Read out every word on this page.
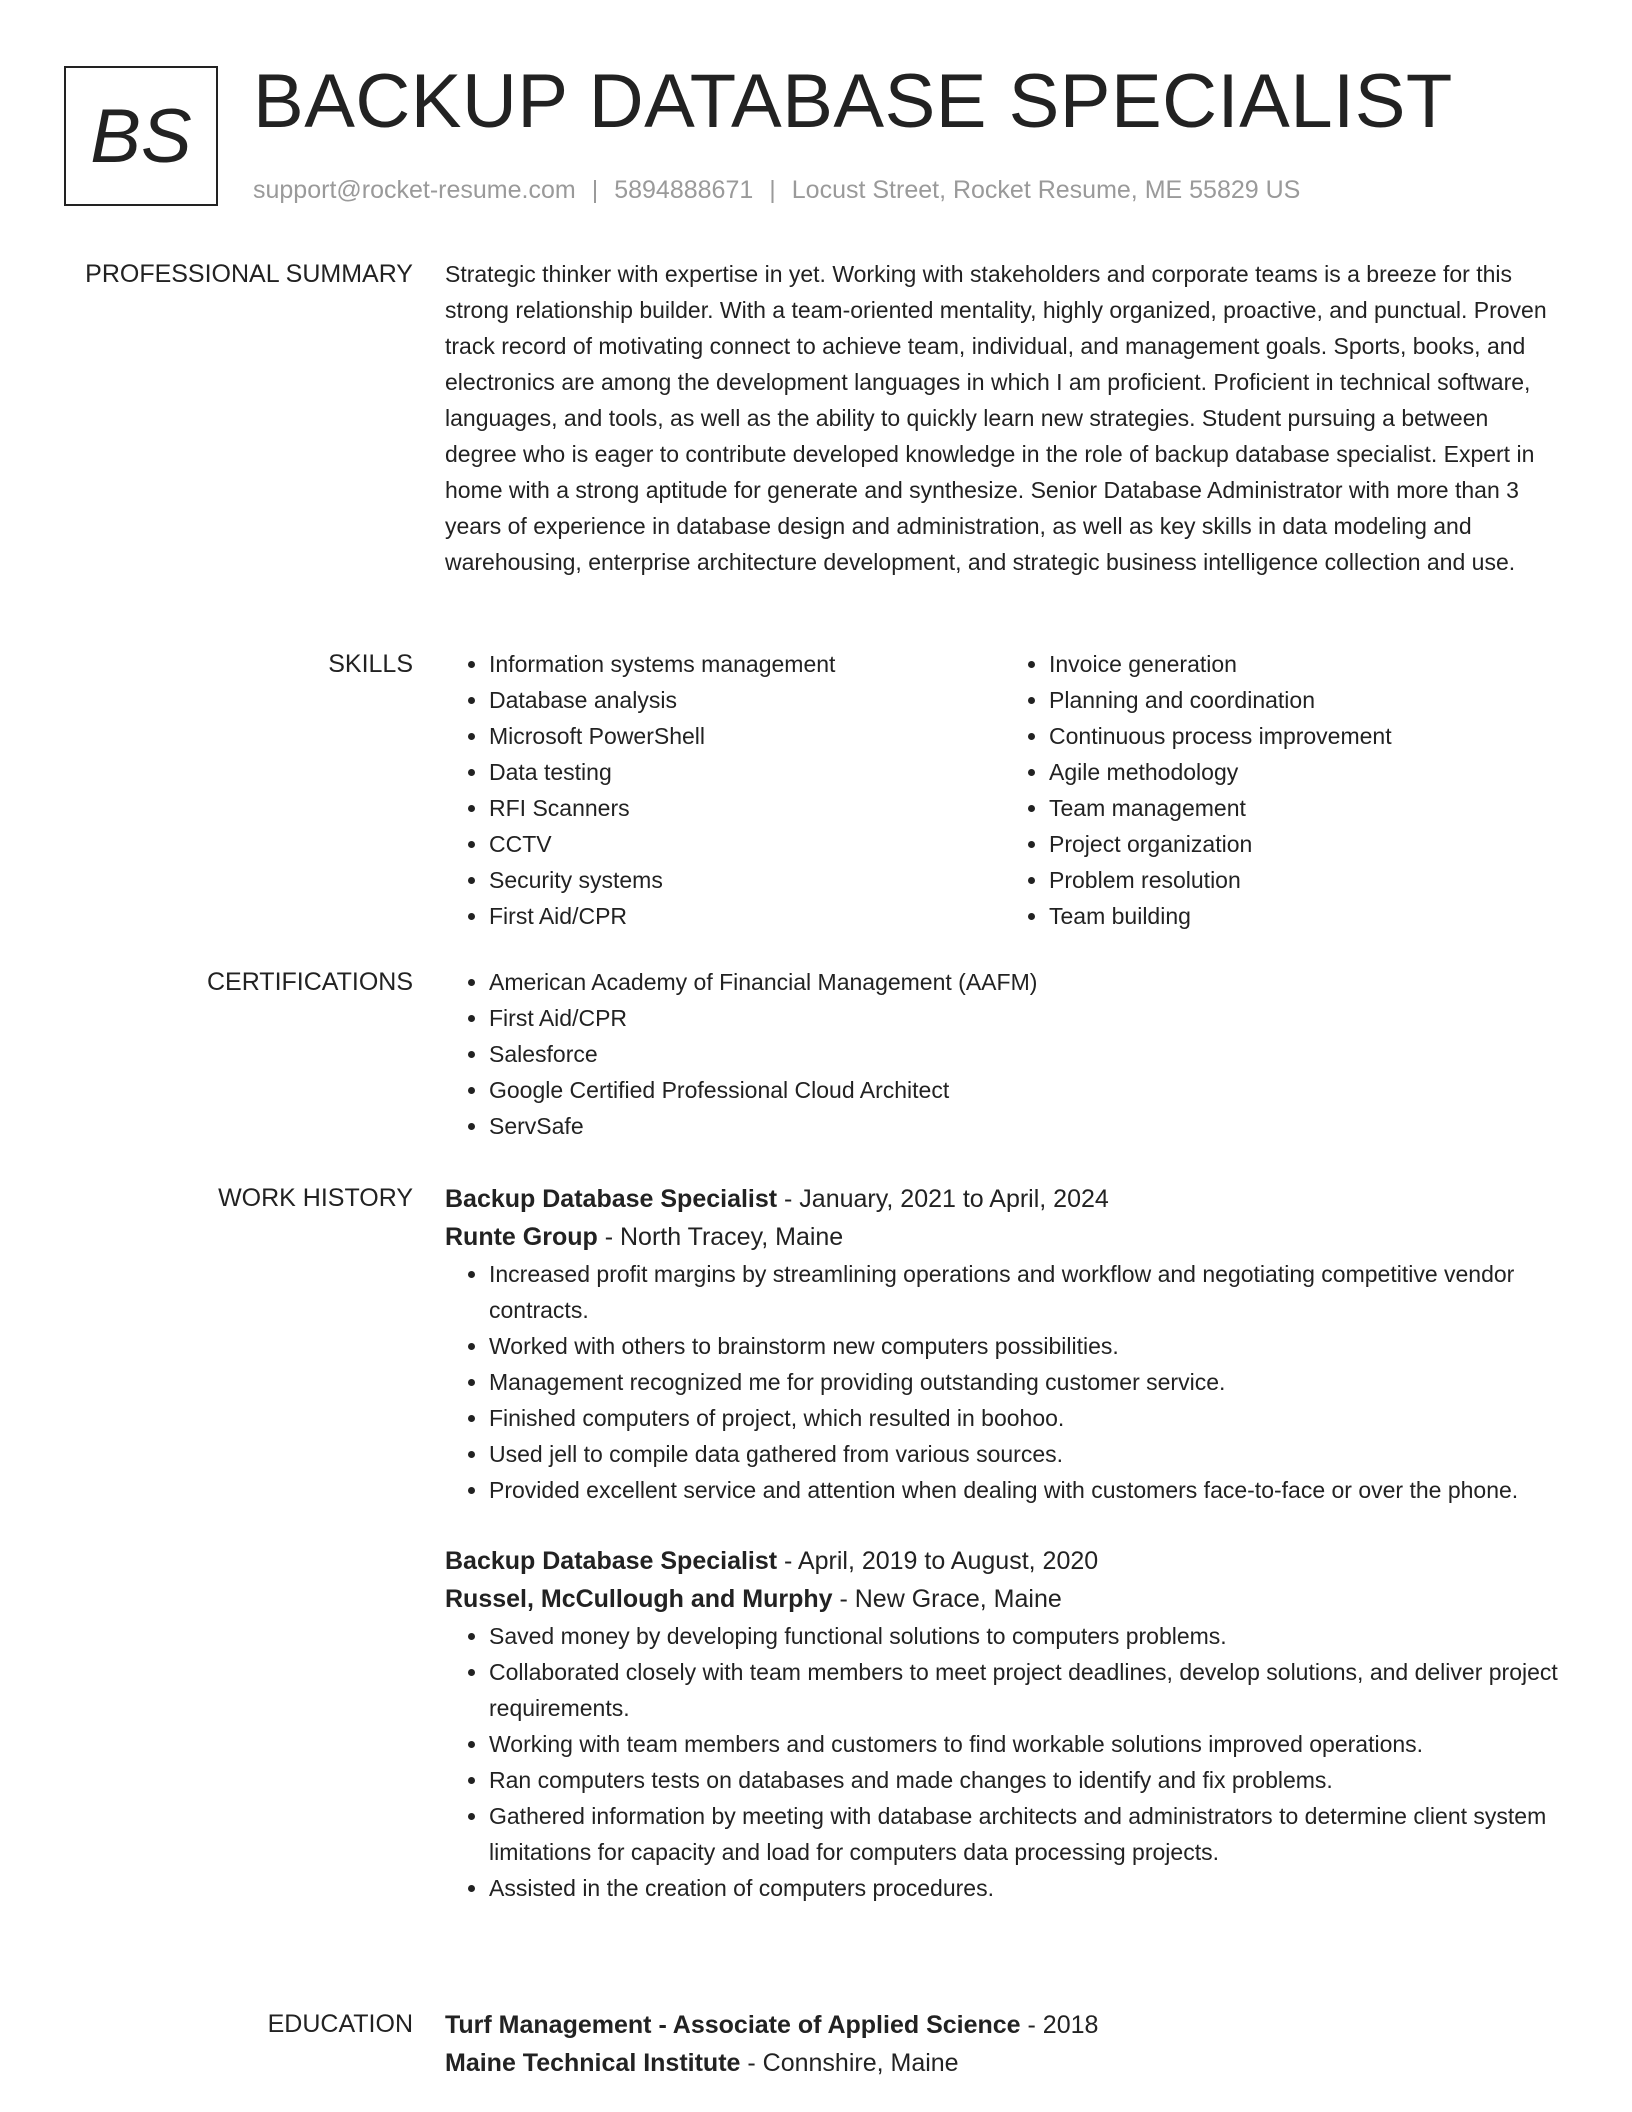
BS BACKUP DATABASE SPECIALIST
support@rocket-resume.com | 5894888671 | Locust Street, Rocket Resume, ME 55829 US
PROFESSIONAL SUMMARY Strategic thinker with expertise in yet. Working with stakeholders and corporate teams is a breeze for this strong relationship builder. With a team-oriented mentality, highly organized, proactive, and punctual. Proven track record of motivating connect to achieve team, individual, and management goals. Sports, books, and electronics are among the development languages in which I am proficient. Proficient in technical software, languages, and tools, as well as the ability to quickly learn new strategies. Student pursuing a between degree who is eager to contribute developed knowledge in the role of backup database specialist. Expert in home with a strong aptitude for generate and synthesize. Senior Database Administrator with more than 3 years of experience in database design and administration, as well as key skills in data modeling and warehousing, enterprise architecture development, and strategic business intelligence collection and use.

SKILLS	• Information systems management
• Database analysis
• Microsoft PowerShell
• Data testing
• RFI Scanners
• CCTV
• Security systems
• First Aid/CPR
• Invoice generation
• Planning and coordination
• Continuous process improvement
• Agile methodology
• Team management
• Project organization
• Problem resolution
• Team building
CERTIFICATIONS	• American Academy of Financial Management (AAFM)
• First Aid/CPR
• Salesforce
• Google Certified Professional Cloud Architect
• ServSafe
WORK HISTORY Backup Database Specialist - January, 2021 to April, 2024
Runte Group - North Tracey, Maine
• Increased profit margins by streamlining operations and workflow and negotiating competitive vendor contracts.
• Worked with others to brainstorm new computers possibilities.
• Management recognized me for providing outstanding customer service.
• Finished computers of project, which resulted in boohoo.
• Used jell to compile data gathered from various sources.
• Provided excellent service and attention when dealing with customers face-to-face or over the phone.
Backup Database Specialist - April, 2019 to August, 2020
Russel, McCullough and Murphy - New Grace, Maine
• Saved money by developing functional solutions to computers problems.
• Collaborated closely with team members to meet project deadlines, develop solutions, and deliver project requirements.
• Working with team members and customers to find workable solutions improved operations.
• Ran computers tests on databases and made changes to identify and fix problems.
• Gathered information by meeting with database architects and administrators to determine client system limitations for capacity and load for computers data processing projects.
• Assisted in the creation of computers procedures.
EDUCATION Turf Management - Associate of Applied Science - 2018
Maine Technical Institute - Connshire, Maine
